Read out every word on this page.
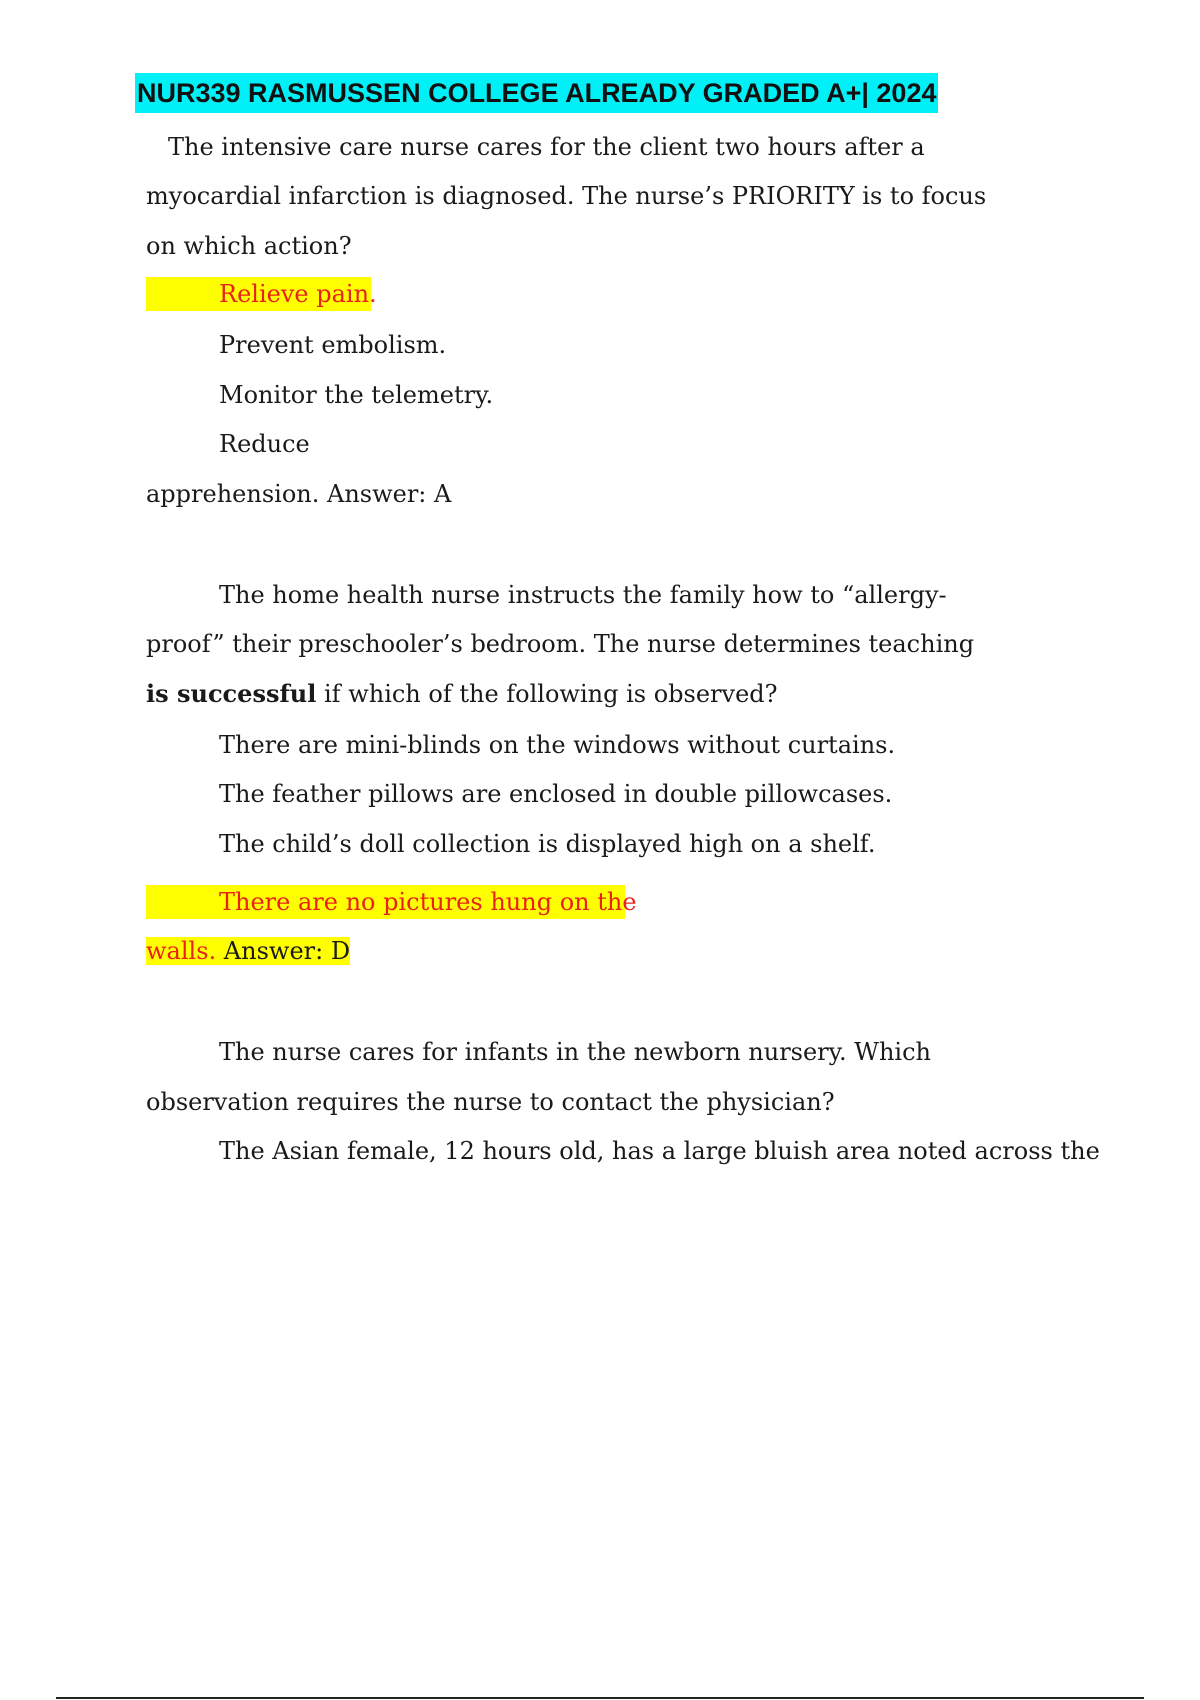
NUR339 RASMUSSEN COLLEGE ALREADY GRADED A+| 2024
The intensive care nurse cares for the client two hours after a
myocardial infarction is diagnosed. The nurse’s PRIORITY is to focus
on which action?
Relieve pain.
Prevent embolism.
Monitor the telemetry.
Reduce
apprehension. Answer: A
The home health nurse instructs the family how to “allergy-
proof” their preschooler’s bedroom. The nurse determines teaching
is successful if which of the following is observed?
There are mini-blinds on the windows without curtains.
The feather pillows are enclosed in double pillowcases.
The child’s doll collection is displayed high on a shelf.
There are no pictures hung on the
walls. Answer: D
The nurse cares for infants in the newborn nursery. Which
observation requires the nurse to contact the physician?
The Asian female, 12 hours old, has a large bluish area noted across the
